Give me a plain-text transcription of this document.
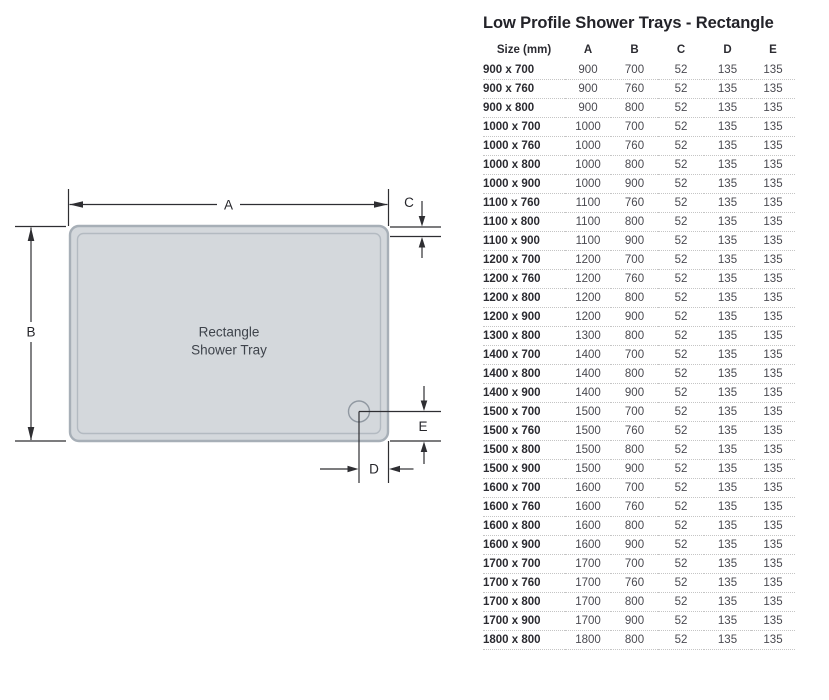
Rectangle
Shower Tray
A
B
C
E
D
Low Profile Shower Trays - Rectangle
Size (mm)	A	B	C	D	E
900 x 700	900	700	52	135	135
900 x 760	900	760	52	135	135
900 x 800	900	800	52	135	135
1000 x 700	1000	700	52	135	135
1000 x 760	1000	760	52	135	135
1000 x 800	1000	800	52	135	135
1000 x 900	1000	900	52	135	135
1100 x 760	1100	760	52	135	135
1100 x 800	1100	800	52	135	135
1100 x 900	1100	900	52	135	135
1200 x 700	1200	700	52	135	135
1200 x 760	1200	760	52	135	135
1200 x 800	1200	800	52	135	135
1200 x 900	1200	900	52	135	135
1300 x 800	1300	800	52	135	135
1400 x 700	1400	700	52	135	135
1400 x 800	1400	800	52	135	135
1400 x 900	1400	900	52	135	135
1500 x 700	1500	700	52	135	135
1500 x 760	1500	760	52	135	135
1500 x 800	1500	800	52	135	135
1500 x 900	1500	900	52	135	135
1600 x 700	1600	700	52	135	135
1600 x 760	1600	760	52	135	135
1600 x 800	1600	800	52	135	135
1600 x 900	1600	900	52	135	135
1700 x 700	1700	700	52	135	135
1700 x 760	1700	760	52	135	135
1700 x 800	1700	800	52	135	135
1700 x 900	1700	900	52	135	135
1800 x 800	1800	800	52	135	135
